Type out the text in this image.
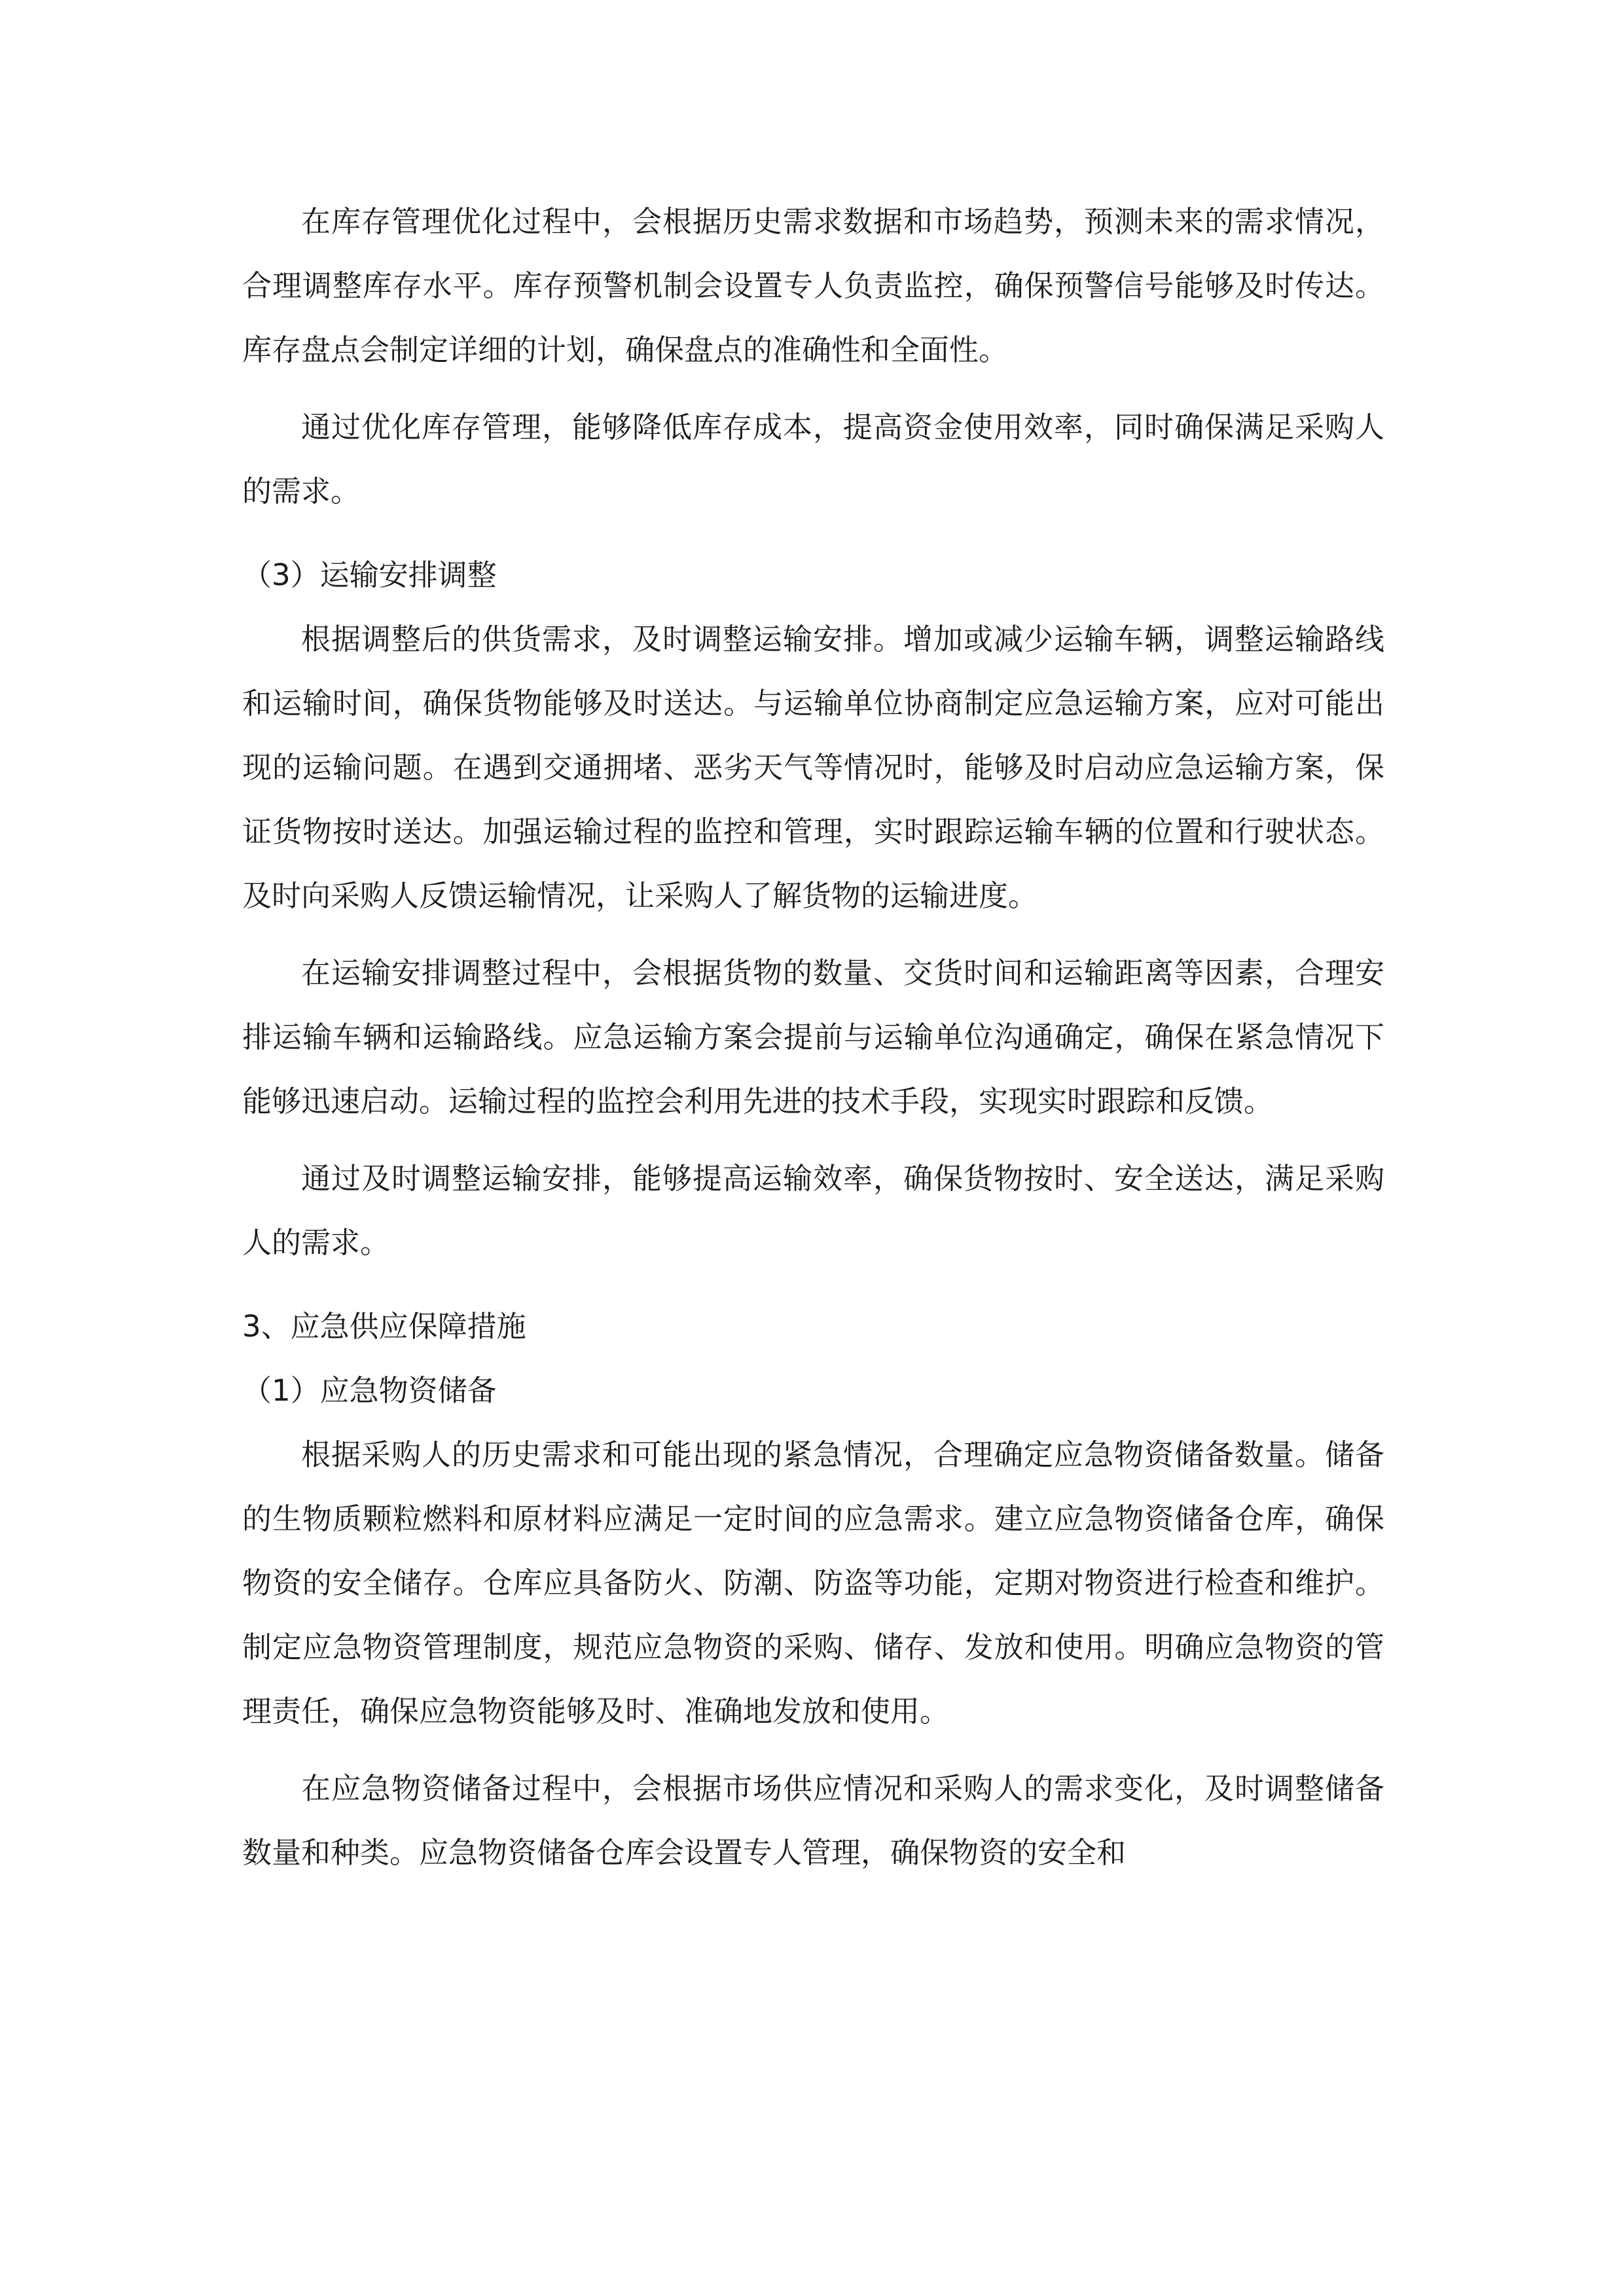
在库存管理优化过程中，会根据历史需求数据和市场趋势，预测未来的需求情况，合理调整库存水平。库存预警机制会设置专人负责监控，确保预警信号能够及时传达。库存盘点会制定详细的计划，确保盘点的准确性和全面性。

通过优化库存管理，能够降低库存成本，提高资金使用效率，同时确保满足采购人的需求。

（3）运输安排调整

根据调整后的供货需求，及时调整运输安排。增加或减少运输车辆，调整运输路线和运输时间，确保货物能够及时送达。与运输单位协商制定应急运输方案，应对可能出现的运输问题。在遇到交通拥堵、恶劣天气等情况时，能够及时启动应急运输方案，保证货物按时送达。加强运输过程的监控和管理，实时跟踪运输车辆的位置和行驶状态。及时向采购人反馈运输情况，让采购人了解货物的运输进度。

在运输安排调整过程中，会根据货物的数量、交货时间和运输距离等因素，合理安排运输车辆和运输路线。应急运输方案会提前与运输单位沟通确定，确保在紧急情况下能够迅速启动。运输过程的监控会利用先进的技术手段，实现实时跟踪和反馈。

通过及时调整运输安排，能够提高运输效率，确保货物按时、安全送达，满足采购人的需求。

3、应急供应保障措施

（1）应急物资储备

根据采购人的历史需求和可能出现的紧急情况，合理确定应急物资储备数量。储备的生物质颗粒燃料和原材料应满足一定时间的应急需求。建立应急物资储备仓库，确保物资的安全储存。仓库应具备防火、防潮、防盗等功能，定期对物资进行检查和维护。制定应急物资管理制度，规范应急物资的采购、储存、发放和使用。明确应急物资的管理责任，确保应急物资能够及时、准确地发放和使用。

在应急物资储备过程中，会根据市场供应情况和采购人的需求变化，及时调整储备数量和种类。应急物资储备仓库会设置专人管理，确保物资的安全和
